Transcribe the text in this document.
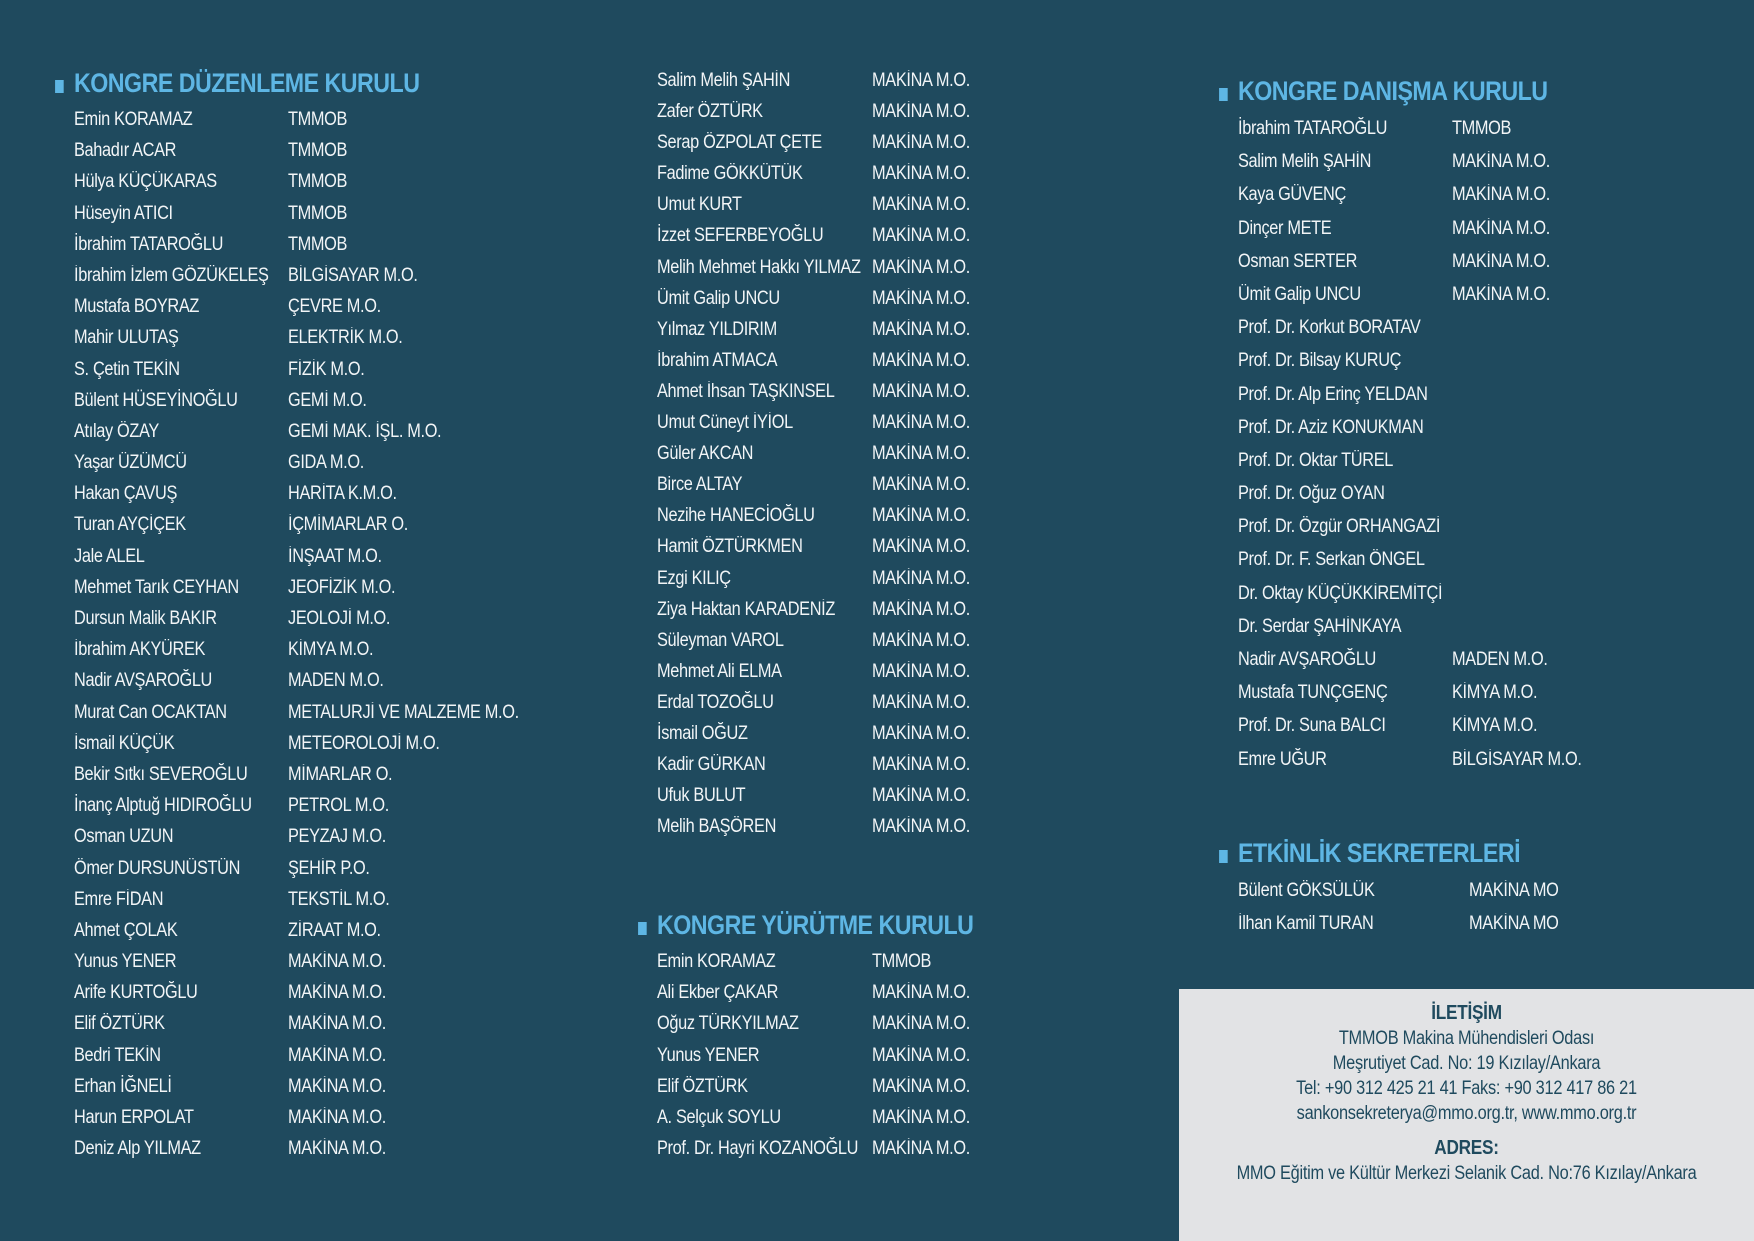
KONGRE DÜZENLEME KURULU
Emin KORAMAZ	TMMOB
Bahadır ACAR	TMMOB
Hülya KÜÇÜKARAS	TMMOB
Hüseyin ATICI	TMMOB
İbrahim TATAROĞLU	TMMOB
İbrahim İzlem GÖZÜKELEŞ BİLGİSAYAR M.O.
Mustafa BOYRAZ	ÇEVRE M.O.
Mahir ULUTAŞ	ELEKTRİK M.O.
S. Çetin TEKİN	FİZİK M.O.
Bülent HÜSEYİNOĞLU	GEMİ M.O.
Atılay ÖZAY	GEMİ MAK. İŞL. M.O.
Yaşar ÜZÜMCÜ	GIDA M.O.
Hakan ÇAVUŞ	HARİTA K.M.O.
Turan AYÇİÇEK	İÇMİMARLAR O.
Jale ALEL	İNŞAAT M.O.
Mehmet Tarık CEYHAN	JEOFİZİK M.O.
Dursun Malik BAKIR	JEOLOJİ M.O.
İbrahim AKYÜREK	KİMYA M.O.
Nadir AVŞAROĞLU	MADEN M.O.
Murat Can OCAKTAN	METALURJİ VE MALZEME M.O.
İsmail KÜÇÜK	METEOROLOJİ M.O.
Bekir Sıtkı SEVEROĞLU	MİMARLAR O.
İnanç Alptuğ HIDIROĞLU	PETROL M.O.
Osman UZUN	PEYZAJ M.O.
Ömer DURSUNÜSTÜN	ŞEHİR P.O.
Emre FİDAN	TEKSTİL M.O.
Ahmet ÇOLAK	ZİRAAT M.O.
Yunus YENER	MAKİNA M.O.
Arife KURTOĞLU	MAKİNA M.O.
Elif ÖZTÜRK	MAKİNA M.O.
Bedri TEKİN	MAKİNA M.O.
Erhan İĞNELİ	MAKİNA M.O.
Harun ERPOLAT	MAKİNA M.O.
Deniz Alp YILMAZ	MAKİNA M.O.
Salim Melih ŞAHİN	MAKİNA M.O.
Zafer ÖZTÜRK	MAKİNA M.O.
Serap ÖZPOLAT ÇETE	MAKİNA M.O.
Fadime GÖKKÜTÜK	MAKİNA M.O.
Umut KURT	MAKİNA M.O.
İzzet SEFERBEYOĞLU	MAKİNA M.O.
Melih Mehmet Hakkı YILMAZ MAKİNA M.O.
Ümit Galip UNCU	MAKİNA M.O.
Yılmaz YILDIRIM	MAKİNA M.O.
İbrahim ATMACA	MAKİNA M.O.
Ahmet İhsan TAŞKINSEL	MAKİNA M.O.
Umut Cüneyt İYİOL	MAKİNA M.O.
Güler AKCAN	MAKİNA M.O.
Birce ALTAY	MAKİNA M.O.
Nezihe HANECİOĞLU	MAKİNA M.O.
Hamit ÖZTÜRKMEN	MAKİNA M.O.
Ezgi KILIÇ	MAKİNA M.O.
Ziya Haktan KARADENİZ	MAKİNA M.O.
Süleyman VAROL	MAKİNA M.O.
Mehmet Ali ELMA	MAKİNA M.O.
Erdal TOZOĞLU	MAKİNA M.O.
İsmail OĞUZ	MAKİNA M.O.
Kadir GÜRKAN	MAKİNA M.O.
Ufuk BULUT	MAKİNA M.O.
Melih BAŞÖREN	MAKİNA M.O.
KONGRE YÜRÜTME KURULU
Emin KORAMAZ	TMMOB
Ali Ekber ÇAKAR	MAKİNA M.O.
Oğuz TÜRKYILMAZ	MAKİNA M.O.
Yunus YENER	MAKİNA M.O.
Elif ÖZTÜRK	MAKİNA M.O.
A. Selçuk SOYLU	MAKİNA M.O.
Prof. Dr. Hayri KOZANOĞLU MAKİNA M.O.
KONGRE DANIŞMA KURULU
İbrahim TATAROĞLU	TMMOB
Salim Melih ŞAHİN	MAKİNA M.O.
Kaya GÜVENÇ	MAKİNA M.O.
Dinçer METE	MAKİNA M.O.
Osman SERTER	MAKİNA M.O.
Ümit Galip UNCU	MAKİNA M.O.
Prof. Dr. Korkut BORATAV
Prof. Dr. Bilsay KURUÇ
Prof. Dr. Alp Erinç YELDAN
Prof. Dr. Aziz KONUKMAN
Prof. Dr. Oktar TÜREL
Prof. Dr. Oğuz OYAN
Prof. Dr. Özgür ORHANGAZİ
Prof. Dr. F. Serkan ÖNGEL
Dr. Oktay KÜÇÜKKİREMİTÇİ
Dr. Serdar ŞAHİNKAYA
Nadir AVŞAROĞLU	MADEN M.O.
Mustafa TUNÇGENÇ	KİMYA M.O.
Prof. Dr. Suna BALCI	KİMYA M.O.
Emre UĞUR	BİLGİSAYAR M.O.
ETKİNLİK SEKRETERLERİ
Bülent GÖKSÜLÜK	MAKİNA MO
İlhan Kamil TURAN	MAKİNA MO
İLETİŞİM
TMMOB Makina Mühendisleri Odası
Meşrutiyet Cad. No: 19 Kızılay/Ankara
Tel: +90 312 425 21 41 Faks: +90 312 417 86 21
sankonsekreterya@mmo.org.tr, www.mmo.org.tr
ADRES:
MMO Eğitim ve Kültür Merkezi Selanik Cad. No:76 Kızılay/Ankara
